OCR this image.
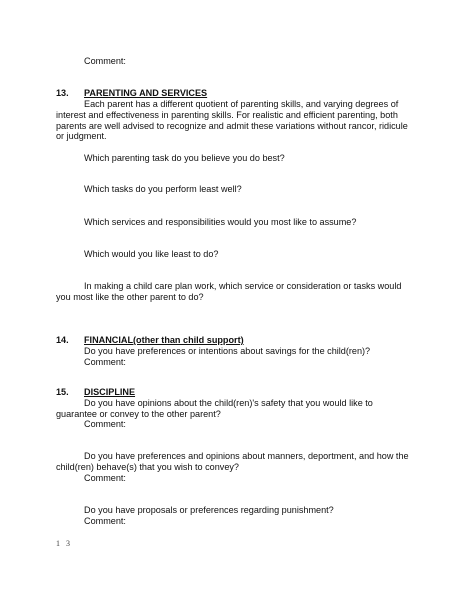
Comment:
13. PARENTING AND SERVICES
Each parent has a different quotient of parenting skills, and varying degrees of
interest and effectiveness in parenting skills. For realistic and efficient parenting, both
parents are well advised to recognize and admit these variations without rancor, ridicule
or judgment.
Which parenting task do you believe you do best?
Which tasks do you perform least well?
Which services and responsibilities would you most like to assume?
Which would you like least to do?
In making a child care plan work, which service or consideration or tasks would
you most like the other parent to do?
14. FINANCIAL(other than child support)
Do you have preferences or intentions about savings for the child(ren)?
Comment:
15. DISCIPLINE
Do you have opinions about the child(ren)'s safety that you would like to
guarantee or convey to the other parent?
Comment:
Do you have preferences and opinions about manners, deportment, and how the
child(ren) behave(s) that you wish to convey?
Comment:
Do you have proposals or preferences regarding punishment?
Comment:
1 3
